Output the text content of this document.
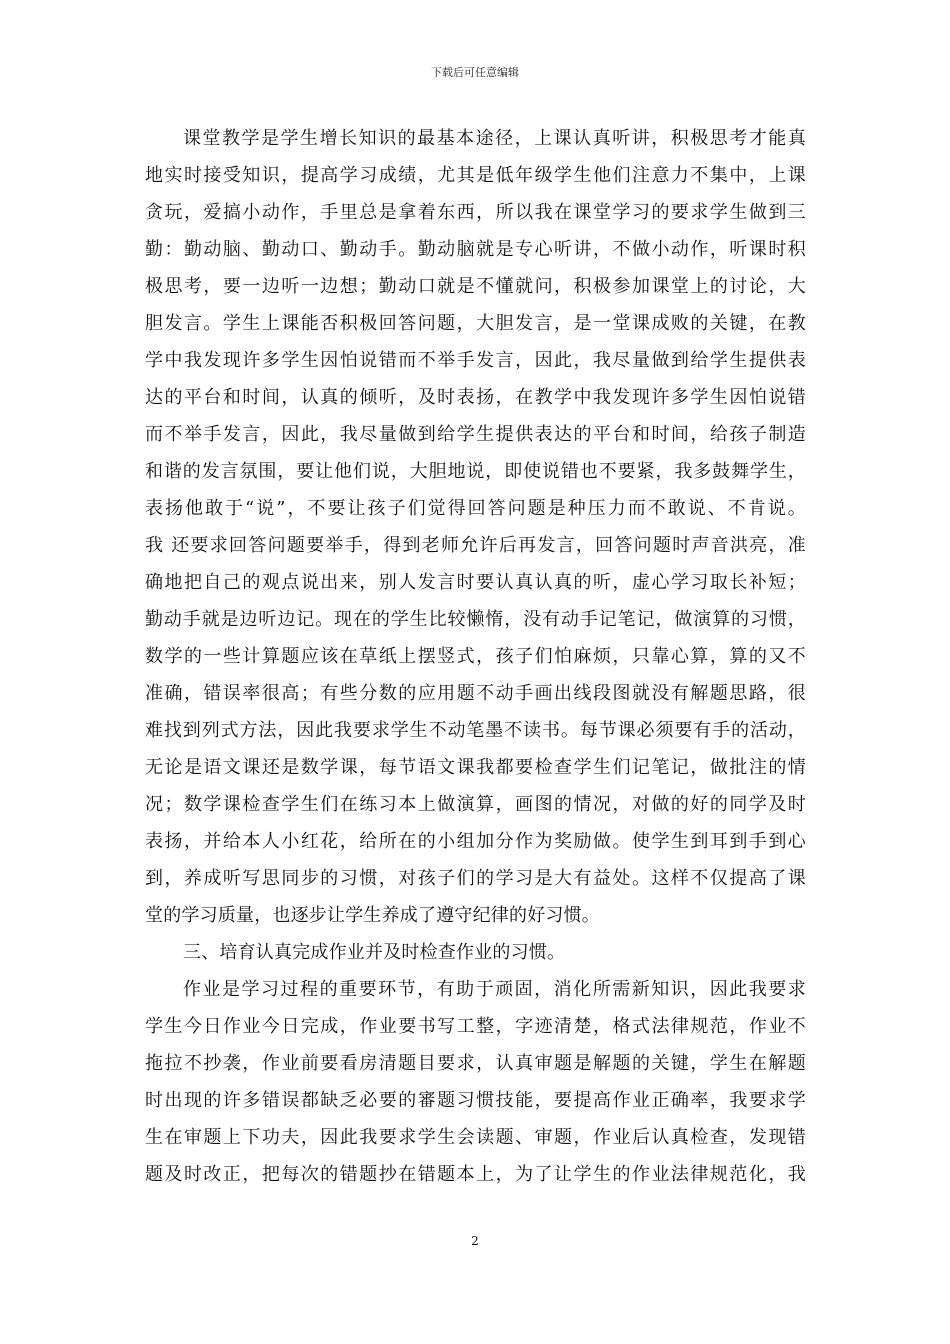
下载后可任意编辑
课堂教学是学生增长知识的最基本途径，上课认真听讲，积极思考才能真
地实时接受知识，提高学习成绩，尤其是低年级学生他们注意力不集中，上课
贪玩，爱搞小动作，手里总是拿着东西，所以我在课堂学习的要求学生做到三
勤：勤动脑、勤动口、勤动手。勤动脑就是专心听讲，不做小动作，听课时积
极思考，要一边听一边想；勤动口就是不懂就问，积极参加课堂上的讨论，大
胆发言。学生上课能否积极回答问题，大胆发言，是一堂课成败的关键，在教
学中我发现许多学生因怕说错而不举手发言，因此，我尽量做到给学生提供表
达的平台和时间，认真的倾听，及时表扬，在教学中我发现许多学生因怕说错
而不举手发言，因此，我尽量做到给学生提供表达的平台和时间，给孩子制造
和谐的发言氛围，要让他们说，大胆地说，即使说错也不要紧，我多鼓舞学生，
表扬他敢于“说”，不要让孩子们觉得回答问题是种压力而不敢说、不肯说。
我 还要求回答问题要举手，得到老师允许后再发言，回答问题时声音洪亮，准
确地把自己的观点说出来，别人发言时要认真认真的听，虚心学习取长补短；
勤动手就是边听边记。现在的学生比较懒惰，没有动手记笔记，做演算的习惯，
数学的一些计算题应该在草纸上摆竖式，孩子们怕麻烦，只靠心算，算的又不
准确，错误率很高；有些分数的应用题不动手画出线段图就没有解题思路，很
难找到列式方法，因此我要求学生不动笔墨不读书。每节课必须要有手的活动，
无论是语文课还是数学课，每节语文课我都要检查学生们记笔记，做批注的情
况；数学课检查学生们在练习本上做演算，画图的情况，对做的好的同学及时
表扬，并给本人小红花，给所在的小组加分作为奖励做。使学生到耳到手到心
到，养成听写思同步的习惯，对孩子们的学习是大有益处。这样不仅提高了课
堂的学习质量，也逐步让学生养成了遵守纪律的好习惯。
三、培育认真完成作业并及时检查作业的习惯。
作业是学习过程的重要环节，有助于顽固，消化所需新知识，因此我要求
学生今日作业今日完成，作业要书写工整，字迹清楚，格式法律规范，作业不
拖拉不抄袭，作业前要看房清题目要求，认真审题是解题的关键，学生在解题
时出现的许多错误都缺乏必要的審题习惯技能，要提高作业正确率，我要求学
生在审题上下功夫，因此我要求学生会读题、审题，作业后认真检查，发现错
题及时改正，把每次的错题抄在错题本上，为了让学生的作业法律规范化，我
2
